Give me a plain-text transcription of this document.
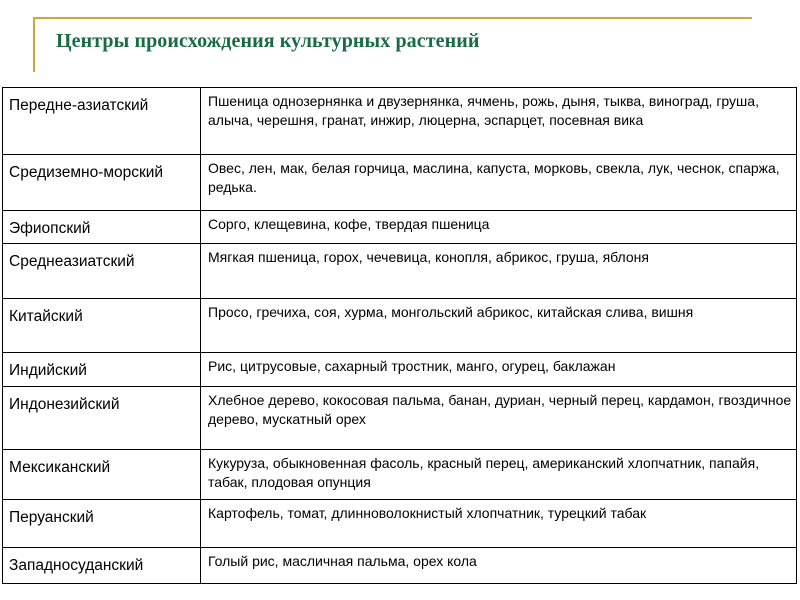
Центры происхождения культурных растений
Передне-азиатский	Пшеница однозернянка и двузернянка, ячмень, рожь, дыня, тыква, виноград, груша, алыча, черешня, гранат, инжир, люцерна, эспарцет, посевная вика
Средиземно-морский	Овес, лен, мак, белая горчица, маслина, капуста, морковь, свекла, лук, чеснок, спаржа, редька.
Эфиопский	Сорго, клещевина, кофе, твердая пшеница
Среднеазиатский	Мягкая пшеница, горох, чечевица, конопля, абрикос, груша, яблоня
Китайский	Просо, гречиха, соя, хурма, монгольский абрикос, китайская слива, вишня
Индийский	Рис, цитрусовые, сахарный тростник, манго, огурец, баклажан
Индонезийский	Хлебное дерево, кокосовая пальма, банан, дуриан, черный перец, кардамон, гвоздичное дерево, мускатный орех
Мексиканский	Кукуруза, обыкновенная фасоль, красный перец, американский хлопчатник, папайя, табак, плодовая опунция
Перуанский	Картофель, томат, длинноволокнистый хлопчатник, турецкий табак
Западносуданский	Голый рис, масличная пальма, орех кола
